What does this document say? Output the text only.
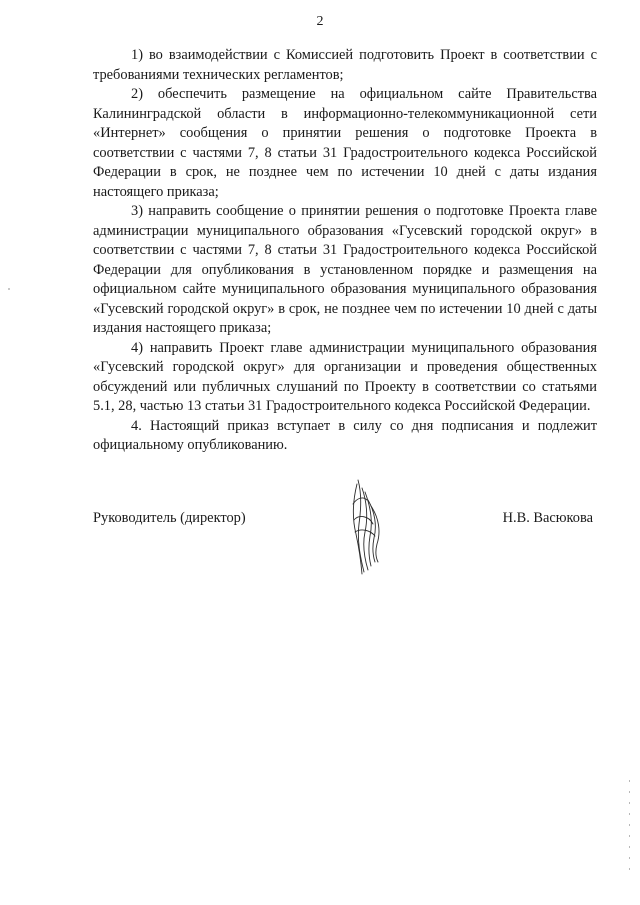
2

1) во взаимодействии с Комиссией подготовить Проект в соответствии с требованиями технических регламентов;

2) обеспечить размещение на официальном сайте Правительства Калининградской области в информационно-телекоммуникационной сети «Интернет» сообщения о принятии решения о подготовке Проекта в соответствии с частями 7, 8 статьи 31 Градостроительного кодекса Российской Федерации в срок, не позднее чем по истечении 10 дней с даты издания настоящего приказа;

3) направить сообщение о принятии решения о подготовке Проекта главе администрации муниципального образования «Гусевский городской округ» в соответствии с частями 7, 8 статьи 31 Градостроительного кодекса Российской Федерации для опубликования в установленном порядке и размещения на официальном сайте муниципального образования муниципального образования «Гусевский городской округ» в срок, не позднее чем по истечении 10 дней с даты издания настоящего приказа;

4) направить Проект главе администрации муниципального образования «Гусевский городской округ» для организации и проведения общественных обсуждений или публичных слушаний по Проекту в соответствии со статьями 5.1, 28, частью 13 статьи 31 Градостроительного кодекса Российской Федерации.

4. Настоящий приказ вступает в силу со дня подписания и подлежит официальному опубликованию.

Руководитель (директор)	Н.В. Васюкова
